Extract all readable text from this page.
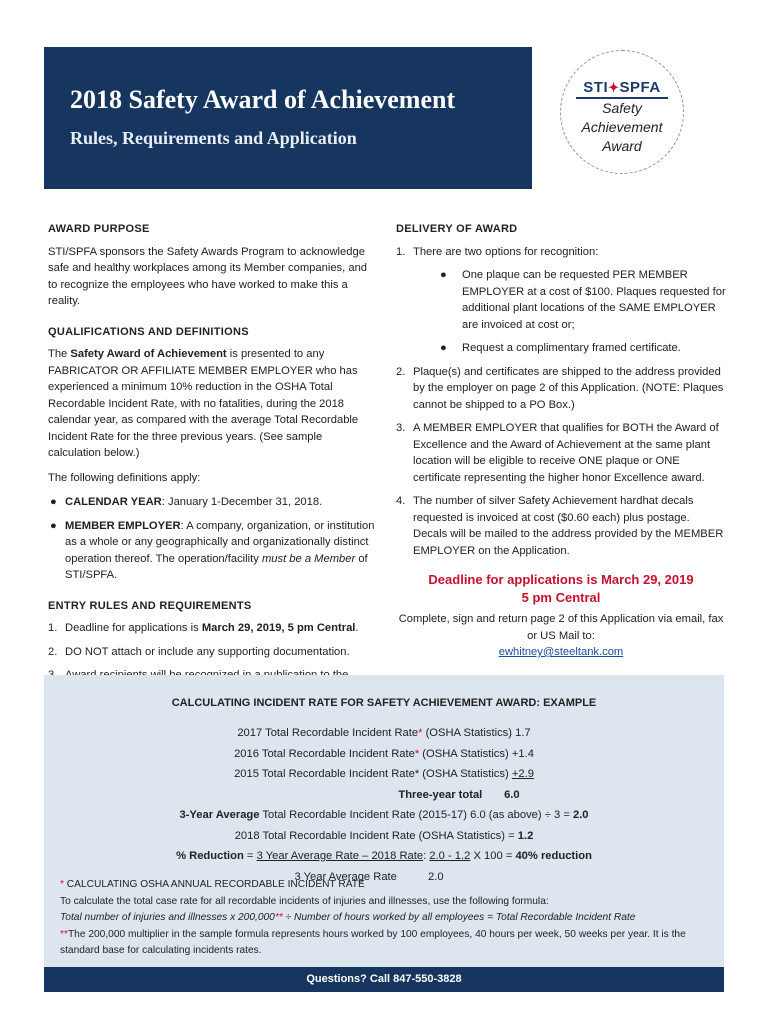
2018 Safety Award of Achievement
Rules, Requirements and Application
STI✦SPFA
Safety
Achievement
Award
AWARD PURPOSE

STI/SPFA sponsors the Safety Awards Program to acknowledge safe and healthy workplaces among its Member companies, and to recognize the employees who have worked to make this a reality.

QUALIFICATIONS AND DEFINITIONS

The Safety Award of Achievement is presented to any FABRICATOR OR AFFILIATE MEMBER EMPLOYER who has experienced a minimum 10% reduction in the OSHA Total Recordable Incident Rate, with no fatalities, during the 2018 calendar year, as compared with the average Total Recordable Incident Rate for the three previous years. (See sample calculation below.)

The following definitions apply:

● CALENDAR YEAR: January 1-December 31, 2018.
● MEMBER EMPLOYER: A company, organization, or institution as a whole or any geographically and organizationally distinct operation thereof. The operation/facility must be a Member of STI/SPFA.
ENTRY RULES AND REQUIREMENTS
1. Deadline for applications is March 29, 2019, 5 pm Central.
2. DO NOT attach or include any supporting documentation.
DELIVERY OF AWARD
1. There are two options for recognition:
● One plaque can be requested PER MEMBER EMPLOYER at a cost of $100. Plaques requested for additional plant locations of the SAME EMPLOYER are invoiced at cost or;
● Request a complimentary framed certificate.
2. Plaque(s) and certificates are shipped to the address provided by the employer on page 2 of this Application. (NOTE: Plaques cannot be shipped to a PO Box.)
3. A MEMBER EMPLOYER that qualifies for BOTH the Award of Excellence and the Award of Achievement at the same plant location will be eligible to receive ONE plaque or ONE certificate representing the higher honor Excellence award.
4. The number of silver Safety Achievement hardhat decals requested is invoiced at cost ($0.60 each) plus postage. Decals will be mailed to the address provided by the MEMBER EMPLOYER on the Application.
Deadline for applications is March 29, 2019
5 pm Central
Complete, sign and return page 2 of this Application via email, fax or US Mail to:
ewhitney@steeltank.com
CALCULATING INCIDENT RATE FOR SAFETY ACHIEVEMENT AWARD: EXAMPLE
2017 Total Recordable Incident Rate* (OSHA Statistics) 1.7
2016 Total Recordable Incident Rate* (OSHA Statistics) +1.4
2015 Total Recordable Incident Rate* (OSHA Statistics) +2.9
Three-year total 6.0
3-Year Average Total Recordable Incident Rate (2015-17) 6.0 (as above) ÷ 3 = 2.0
2018 Total Recordable Incident Rate (OSHA Statistics) = 1.2
% Reduction = 3 Year Average Rate – 2018 Rate: 2.0 - 1.2 X 100 = 40% reduction
3 Year Average Rate	2.0
* CALCULATING OSHA ANNUAL RECORDABLE INCIDENT RATE
To calculate the total case rate for all recordable incidents of injuries and illnesses, use the following formula:
Total number of injuries and illnesses x 200,000** ÷ Number of hours worked by all employees = Total Recordable Incident Rate
**The 200,000 multiplier in the sample formula represents hours worked by 100 employees, 40 hours per week, 50 weeks per year. It is the standard base for calculating incidents rates.
Questions? Call 847-550-3828
